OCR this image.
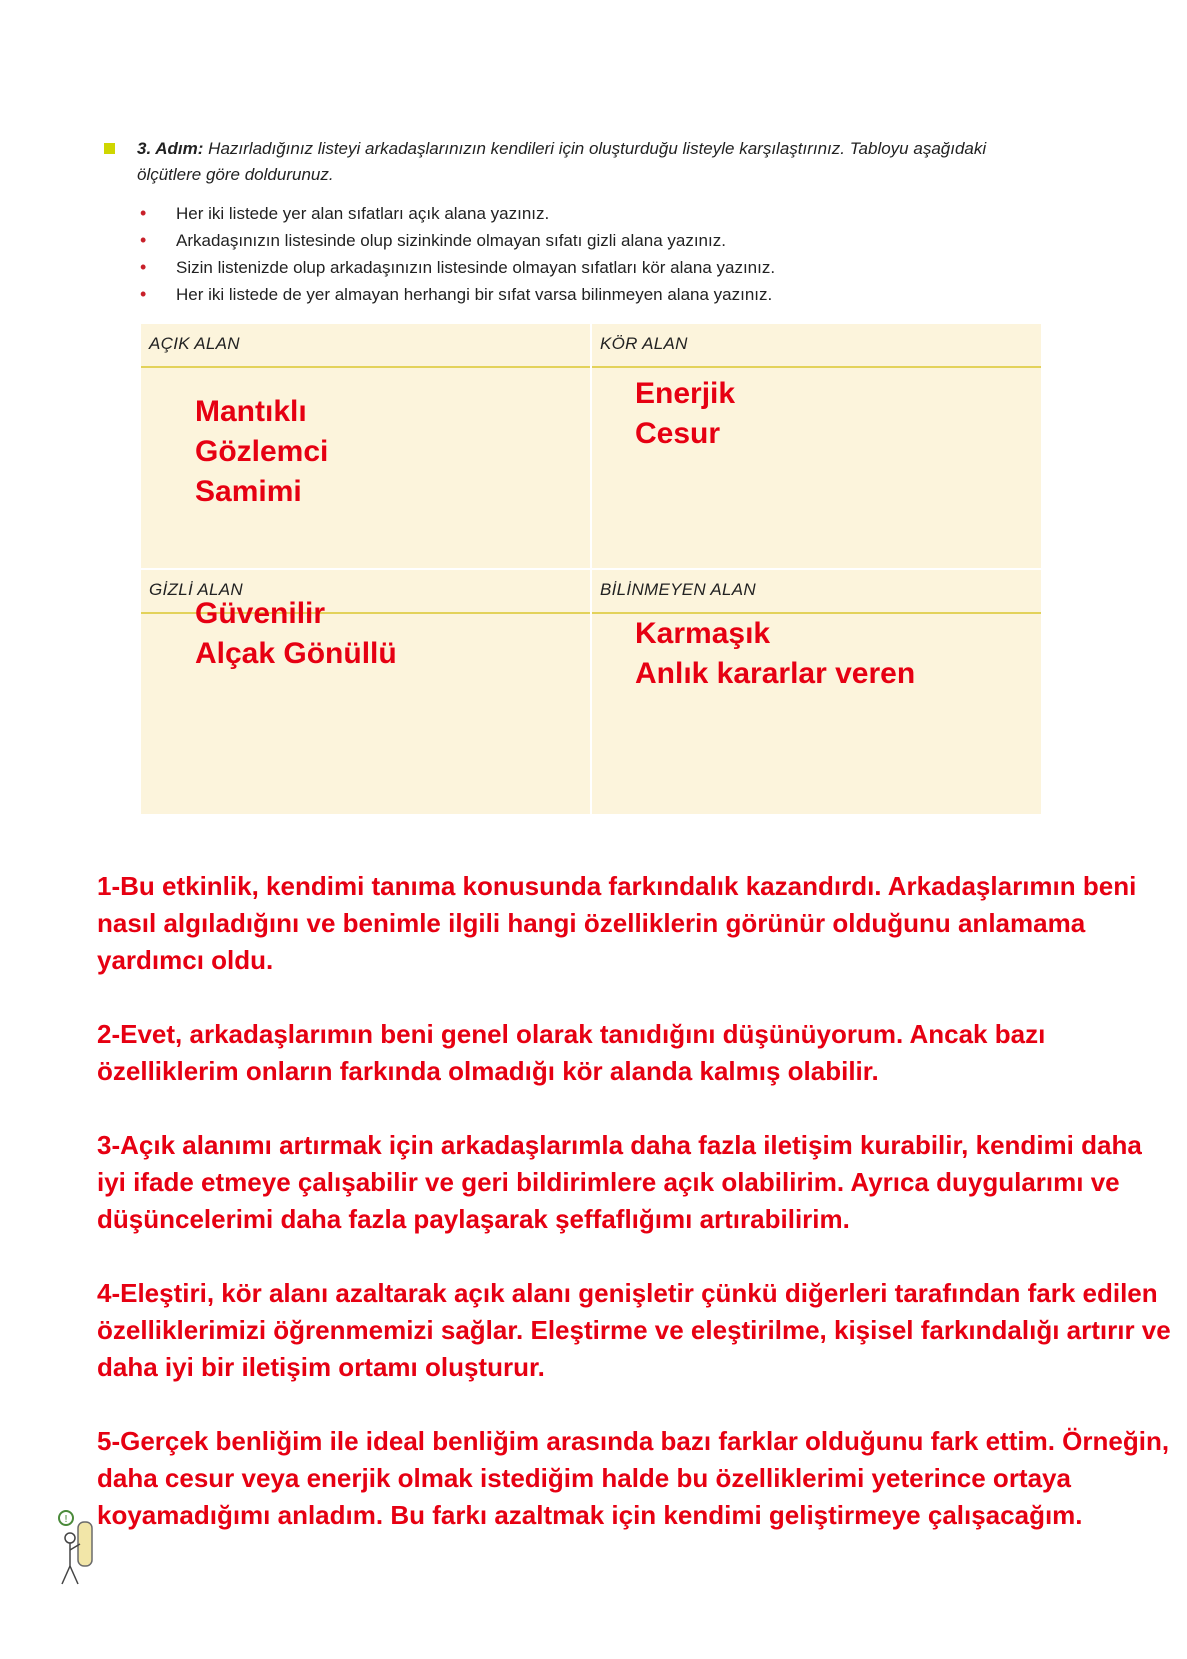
3. Adım: Hazırladığınız listeyi arkadaşlarınızın kendileri için oluşturduğu listeyle karşılaştırınız. Tabloyu aşağıdaki ölçütlere göre doldurunuz.
• Her iki listede yer alan sıfatları açık alana yazınız.
• Arkadaşınızın listesinde olup sizinkinde olmayan sıfatı gizli alana yazınız.
• Sizin listenizde olup arkadaşınızın listesinde olmayan sıfatları kör alana yazınız.
• Her iki listede de yer almayan herhangi bir sıfat varsa bilinmeyen alana yazınız.
AÇIK ALAN
Mantıklı
Gözlemci
Samimi
KÖR ALAN
Enerjik
Cesur
GİZLİ ALAN
Güvenilir
Alçak Gönüllü
BİLİNMEYEN ALAN
Karmaşık
Anlık kararlar veren

1-Bu etkinlik, kendimi tanıma konusunda farkındalık kazandırdı. Arkadaşlarımın beni nasıl algıladığını ve benimle ilgili hangi özelliklerin görünür olduğunu anlamama yardımcı oldu.

2-Evet, arkadaşlarımın beni genel olarak tanıdığını düşünüyorum. Ancak bazı özelliklerim onların farkında olmadığı kör alanda kalmış olabilir.

3-Açık alanımı artırmak için arkadaşlarımla daha fazla iletişim kurabilir, kendimi daha iyi ifade etmeye çalışabilir ve geri bildirimlere açık olabilirim. Ayrıca duygularımı ve düşüncelerimi daha fazla paylaşarak şeffaflığımı artırabilirim.

4-Eleştiri, kör alanı azaltarak açık alanı genişletir çünkü diğerleri tarafından fark edilen özelliklerimizi öğrenmemizi sağlar. Eleştirme ve eleştirilme, kişisel farkındalığı artırır ve daha iyi bir iletişim ortamı oluşturur.

5-Gerçek benliğim ile ideal benliğim arasında bazı farklar olduğunu fark ettim. Örneğin, daha cesur veya enerjik olmak istediğim halde bu özelliklerimi yeterince ortaya koyamadığımı anladım. Bu farkı azaltmak için kendimi geliştirmeye çalışacağım.

!
